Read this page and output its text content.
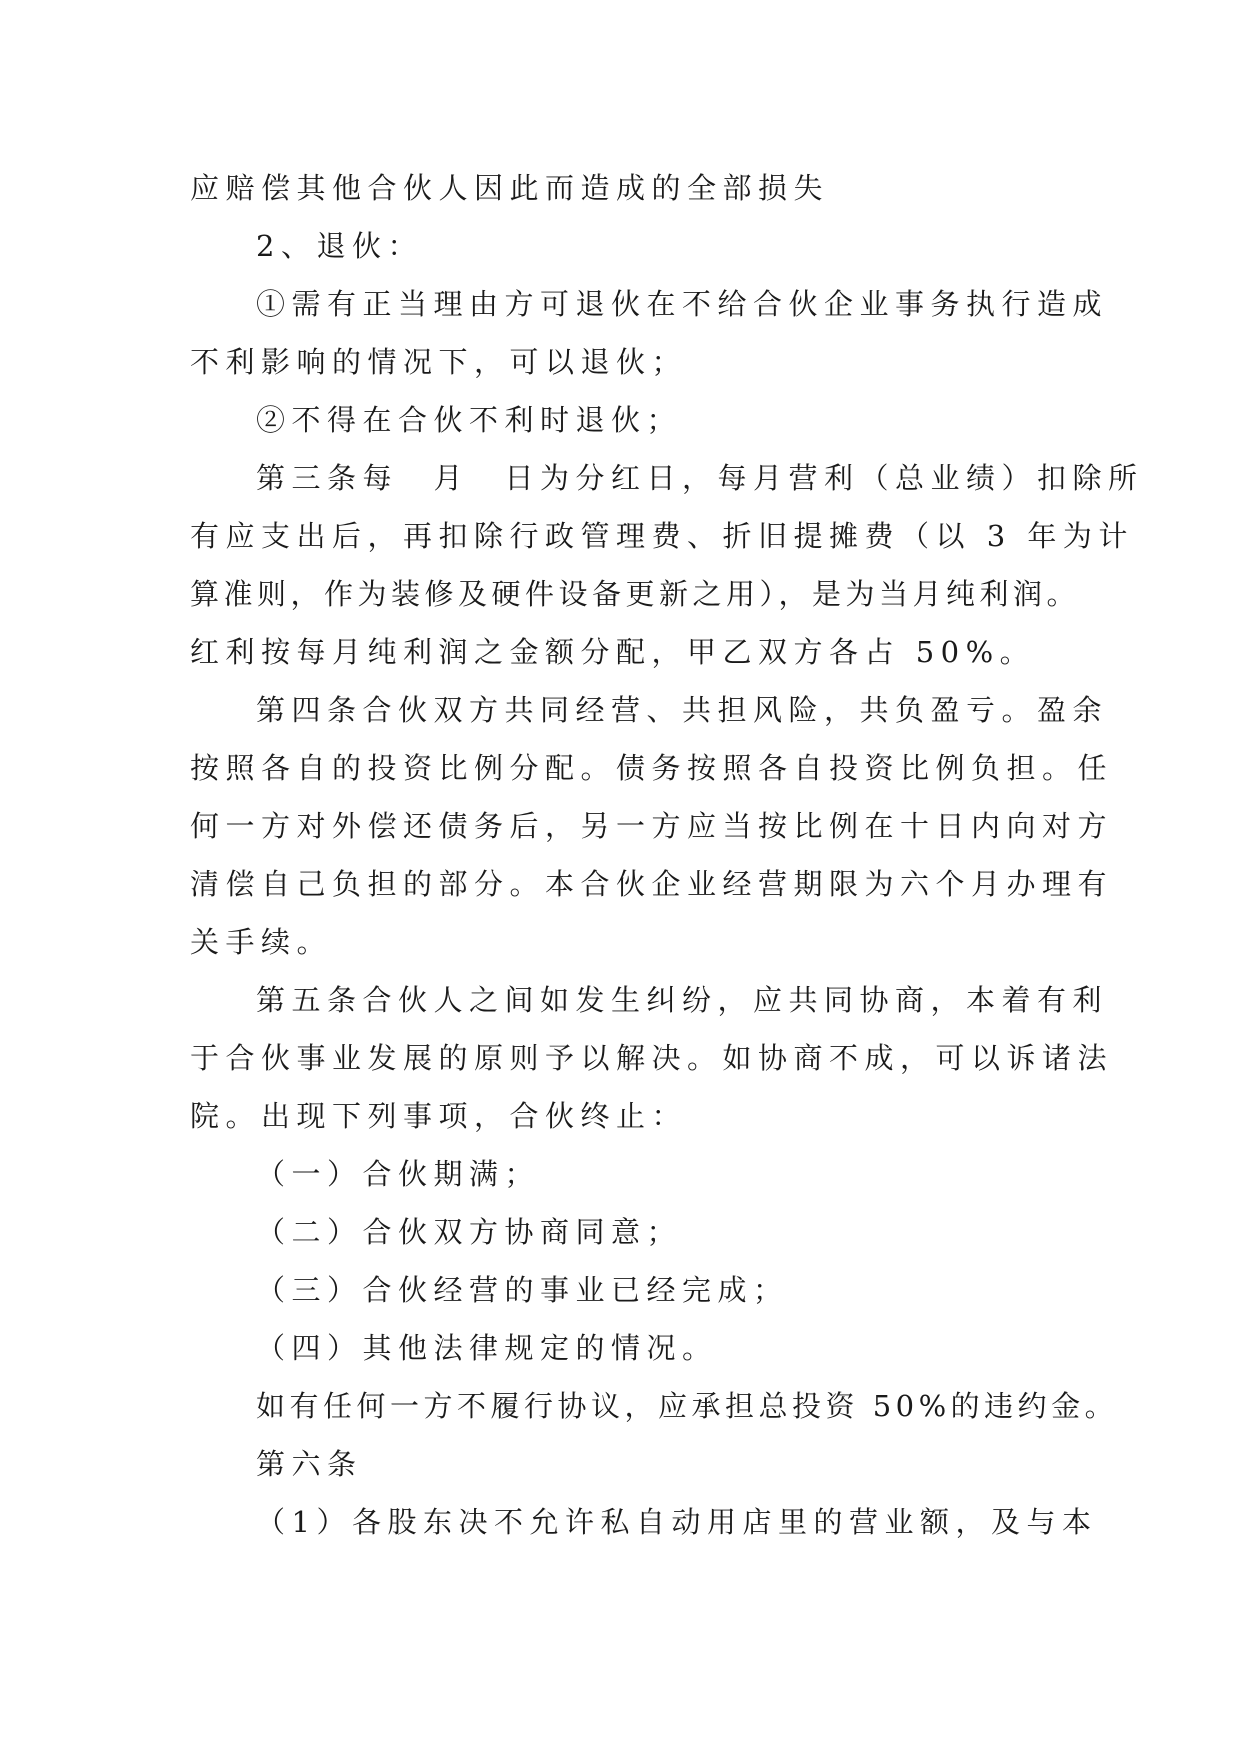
应赔偿其他合伙人因此而造成的全部损失
2、退伙：
①需有正当理由方可退伙在不给合伙企业事务执行造成
不利影响的情况下，可以退伙；
②不得在合伙不利时退伙；
第三条每　月　日为分红日，每月营利（总业绩）扣除所
有应支出后，再扣除行政管理费、折旧提摊费（以 3 年为计
算准则，作为装修及硬件设备更新之用），是为当月纯利润。
红利按每月纯利润之金额分配，甲乙双方各占 50%。
第四条合伙双方共同经营、共担风险，共负盈亏。盈余
按照各自的投资比例分配。债务按照各自投资比例负担。任
何一方对外偿还债务后，另一方应当按比例在十日内向对方
清偿自己负担的部分。本合伙企业经营期限为六个月办理有
关手续。
第五条合伙人之间如发生纠纷，应共同协商，本着有利
于合伙事业发展的原则予以解决。如协商不成，可以诉诸法
院。出现下列事项，合伙终止：
（一）合伙期满；
（二）合伙双方协商同意；
（三）合伙经营的事业已经完成；
（四）其他法律规定的情况。
如有任何一方不履行协议，应承担总投资 50%的违约金。
第六条
（1）各股东决不允许私自动用店里的营业额，及与本
